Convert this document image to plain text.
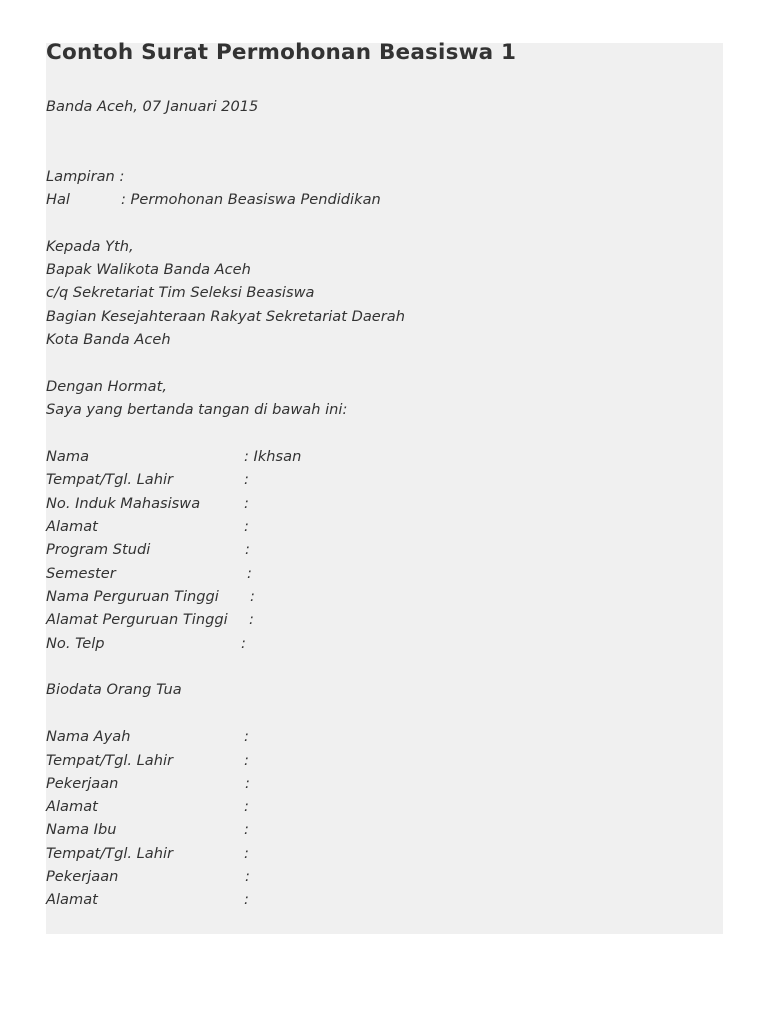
Contoh Surat Permohonan Beasiswa 1
Banda Aceh, 07 Januari 2015
Lampiran :
Hal	: Permohonan Beasiswa Pendidikan
Kepada Yth,
Bapak Walikota Banda Aceh
c/q Sekretariat Tim Seleksi Beasiswa
Bagian Kesejahteraan Rakyat Sekretariat Daerah
Kota Banda Aceh
Dengan Hormat,
Saya yang bertanda tangan di bawah ini:
Nama	: Ikhsan
Tempat/Tgl. Lahir	:
No. Induk Mahasiswa	:
Alamat	:
Program Studi	:
Semester	:
Nama Perguruan Tinggi :
Alamat Perguruan Tinggi :
No. Telp	:
Biodata Orang Tua
Nama Ayah	:
Tempat/Tgl. Lahir	:
Pekerjaan	:
Alamat	:
Nama Ibu	:
Tempat/Tgl. Lahir	:
Pekerjaan	:
Alamat	:
